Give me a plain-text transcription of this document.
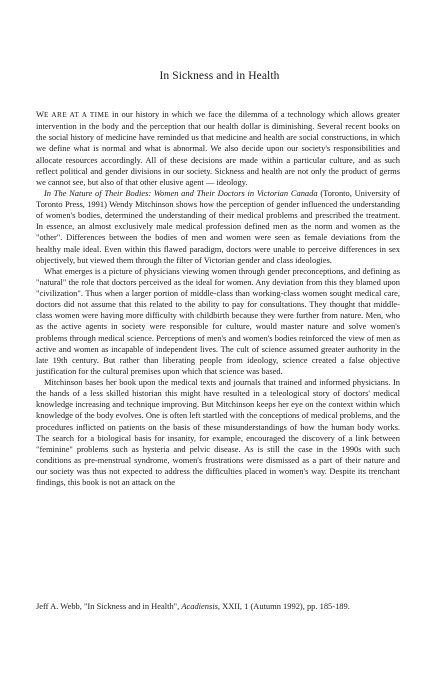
In Sickness and in Health

WE ARE AT A TIME in our history in which we face the dilemma of a technology which allows greater intervention in the body and the perception that our health dollar is diminishing. Several recent books on the social history of medicine have reminded us that medicine and health are social constructions, in which we define what is normal and what is abnormal. We also decide upon our society's responsibilities and allocate resources accordingly. All of these decisions are made within a particular culture, and as such reflect political and gender divisions in our society. Sickness and health are not only the product of germs we cannot see, but also of that other elusive agent — ideology.

In The Nature of Their Bodies: Women and Their Doctors in Victorian Canada (Toronto, University of Toronto Press, 1991) Wendy Mitchinson shows how the perception of gender influenced the understanding of women's bodies, determined the understanding of their medical problems and prescribed the treatment. In essence, an almost exclusively male medical profession defined men as the norm and women as the "other". Differences between the bodies of men and women were seen as female deviations from the healthy male ideal. Even within this flawed paradigm, doctors were unable to perceive differences in sex objectively, but viewed them through the filter of Victorian gender and class ideologies.

What emerges is a picture of physicians viewing women through gender preconceptions, and defining as "natural" the role that doctors perceived as the ideal for women. Any deviation from this they blamed upon "civilization". Thus when a larger portion of middle-class than working-class women sought medical care, doctors did not assume that this related to the ability to pay for consultations. They thought that middle-class women were having more difficulty with childbirth because they were further from nature. Men, who as the active agents in society were responsible for culture, would master nature and solve women's problems through medical science. Perceptions of men's and women's bodies reinforced the view of men as active and women as incapable of independent lives. The cult of science assumed greater authority in the late 19th century. But rather than liberating people from ideology, science created a false objective justification for the cultural premises upon which that science was based.

Mitchinson bases her book upon the medical texts and journals that trained and informed physicians. In the hands of a less skilled historian this might have resulted in a teleological story of doctors' medical knowledge increasing and technique improving. But Mitchinson keeps her eye on the context within which knowledge of the body evolves. One is often left startled with the conceptions of medical problems, and the procedures inflicted on patients on the basis of these misunderstandings of how the human body works. The search for a biological basis for insanity, for example, encouraged the discovery of a link between "feminine" problems such as hysteria and pelvic disease. As is still the case in the 1990s with such conditions as pre-menstrual syndrome, women's frustrations were dismissed as a part of their nature and our society was thus not expected to address the difficulties placed in women's way. Despite its trenchant findings, this book is not an attack on the

Jeff A. Webb, "In Sickness and in Health", Acadiensis, XXII, 1 (Autumn 1992), pp. 185-189.
